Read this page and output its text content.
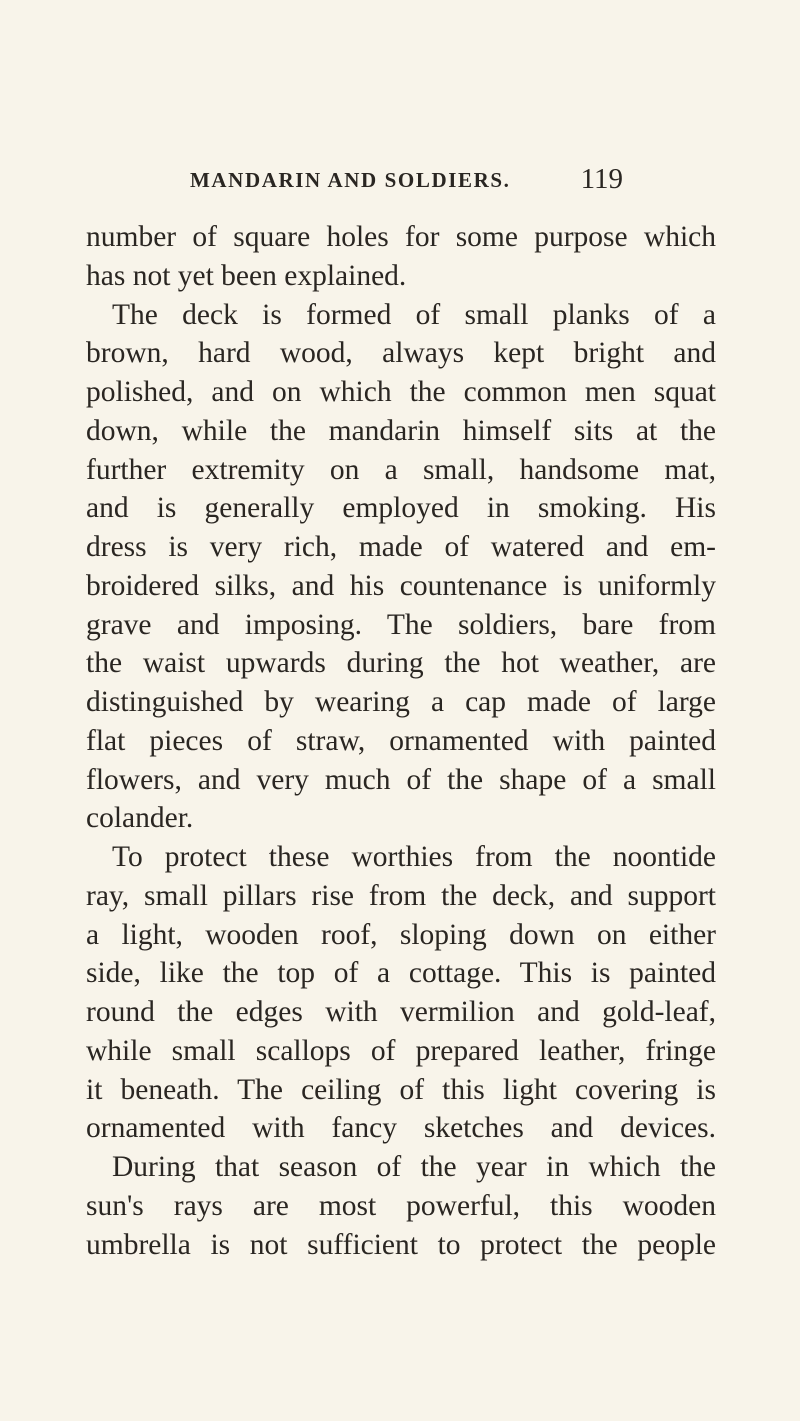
MANDARIN AND SOLDIERS. 119
number of square holes for some purpose which
has not yet been explained.
The deck is formed of small planks of a
brown, hard wood, always kept bright and
polished, and on which the common men squat
down, while the mandarin himself sits at the
further extremity on a small, handsome mat,
and is generally employed in smoking. His
dress is very rich, made of watered and em-
broidered silks, and his countenance is uniformly
grave and imposing. The soldiers, bare from
the waist upwards during the hot weather, are
distinguished by wearing a cap made of large
flat pieces of straw, ornamented with painted
flowers, and very much of the shape of a small
colander.
To protect these worthies from the noontide
ray, small pillars rise from the deck, and support
a light, wooden roof, sloping down on either
side, like the top of a cottage. This is painted
round the edges with vermilion and gold-leaf,
while small scallops of prepared leather, fringe
it beneath. The ceiling of this light covering is
ornamented with fancy sketches and devices.
During that season of the year in which the
sun's rays are most powerful, this wooden
umbrella is not sufficient to protect the people
